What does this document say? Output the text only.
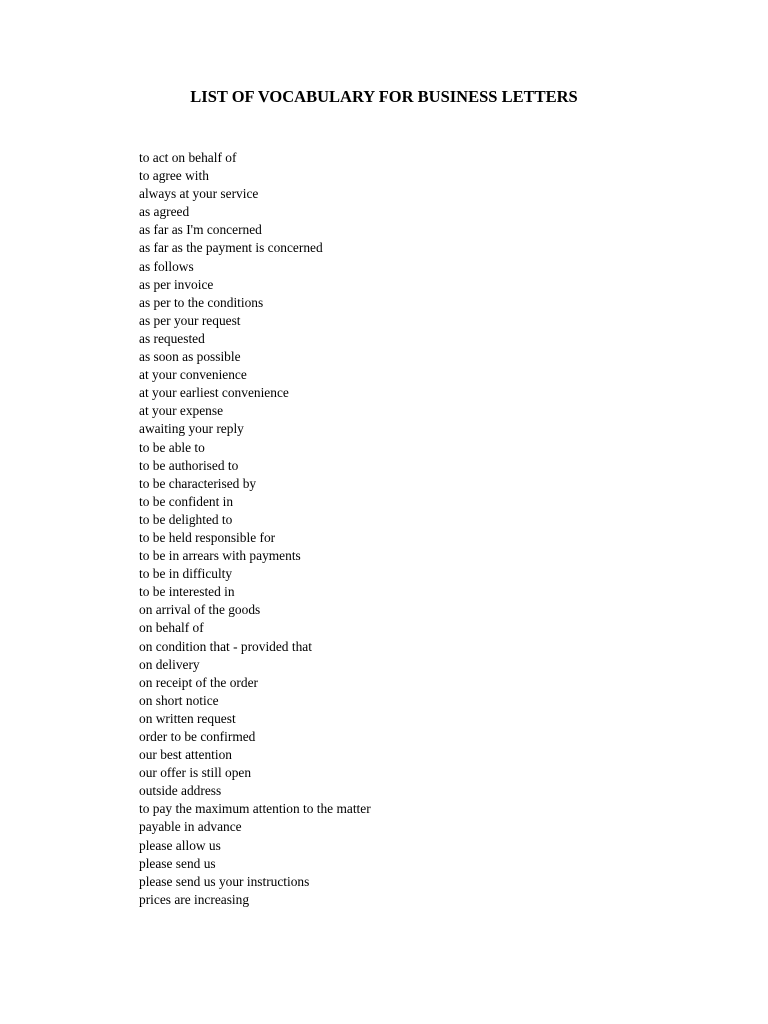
LIST OF VOCABULARY FOR BUSINESS LETTERS
to act on behalf of
to agree with
always at your service
as agreed
as far as I'm concerned
as far as the payment is concerned
as follows
as per invoice
as per to the conditions
as per your request
as requested
as soon as possible
at your convenience
at your earliest convenience
at your expense
awaiting your reply
to be able to
to be authorised to
to be characterised by
to be confident in
to be delighted to
to be held responsible for
to be in arrears with payments
to be in difficulty
to be interested in
on arrival of the goods
on behalf of
on condition that - provided that
on delivery
on receipt of the order
on short notice
on written request
order to be confirmed
our best attention
our offer is still open
outside address
to pay the maximum attention to the matter
payable in advance
please allow us
please send us
please send us your instructions
prices are increasing
